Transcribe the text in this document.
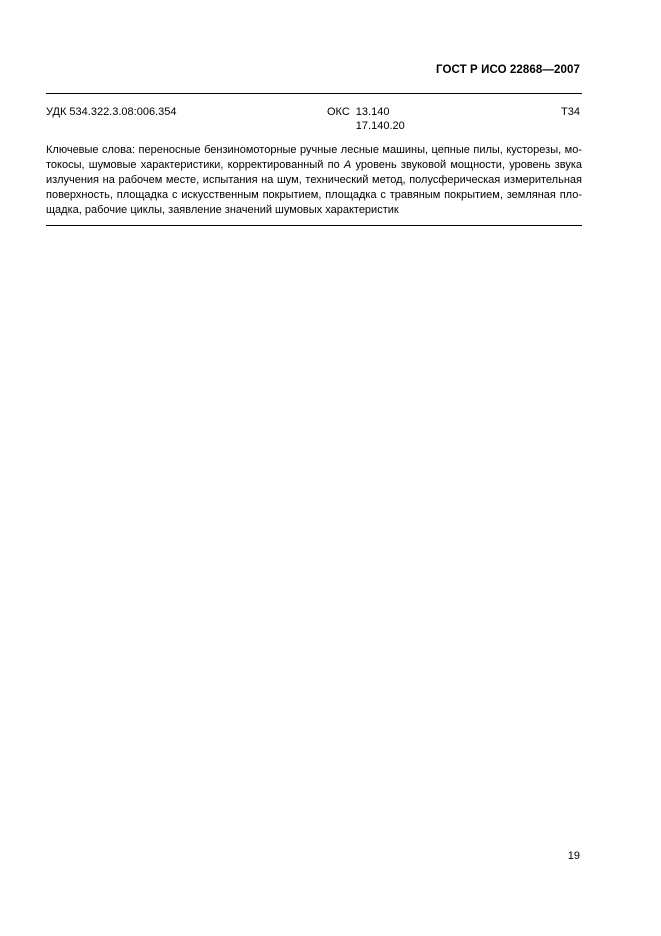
ГОСТ Р ИСО 22868—2007
УДК 534.322.3.08:006.354	ОКС 13.140
17.140.20
Т34
Ключевые слова: переносные бензиномоторные ручные лесные машины, цепные пилы, кусторезы, мотокосы, шумовые характеристики, корректированный по А уровень звуковой мощности, уровень звука излучения на рабочем месте, испытания на шум, технический метод, полусферическая измерительная поверхность, площадка с искусственным покрытием, площадка с травяным покрытием, земляная площадка, рабочие циклы, заявление значений шумовых характеристик
19
